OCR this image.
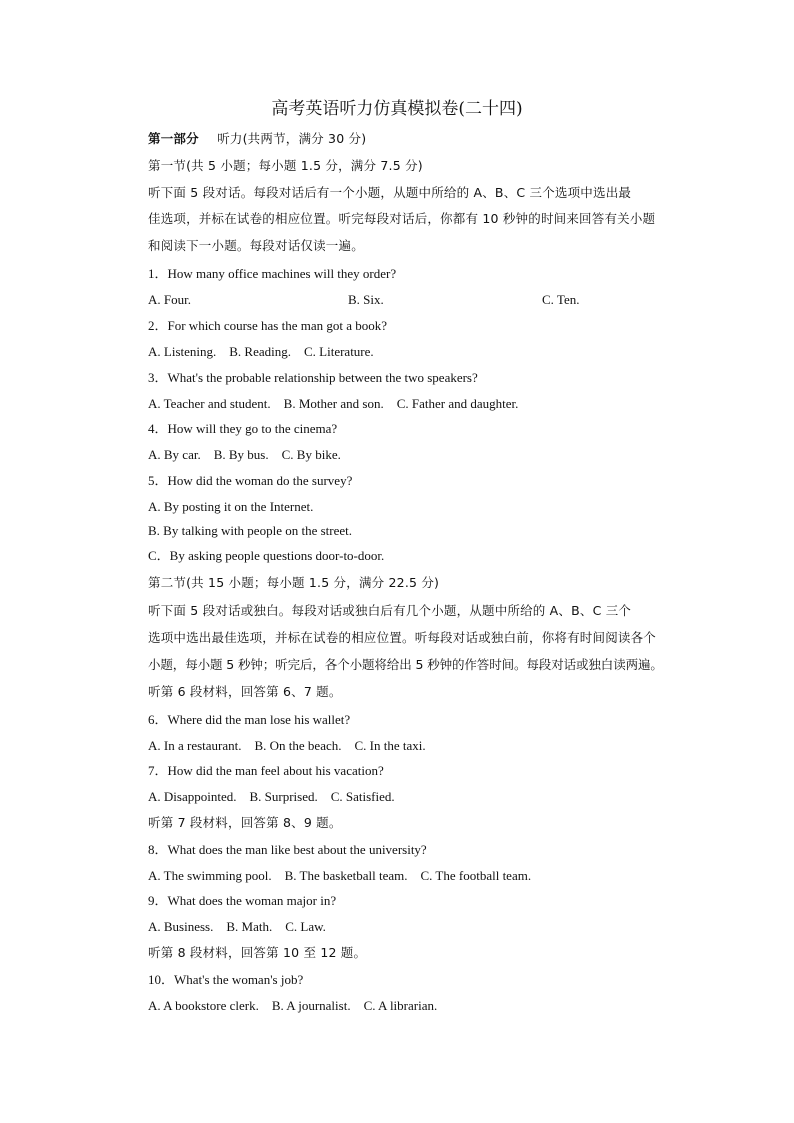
高考英语听力仿真模拟卷(二十四)
第一部分 听力(共两节，满分 30 分)
第一节(共 5 小题；每小题 1.5 分，满分 7.5 分)
听下面 5 段对话。每段对话后有一个小题，从题中所给的 A、B、C 三个选项中选出最
佳选项，并标在试卷的相应位置。听完每段对话后，你都有 10 秒钟的时间来回答有关小题
和阅读下一小题。每段对话仅读一遍。
1．How many office machines will they order?
A. Four.	B. Six.	C. Ten.
2．For which course has the man got a book?
A. Listening.    B. Reading.    C. Literature.
3．What's the probable relationship between the two speakers?
A. Teacher and student.    B. Mother and son.    C. Father and daughter.
4．How will they go to the cinema?
A. By car.    B. By bus.    C. By bike.
5．How did the woman do the survey?
A. By posting it on the Internet.
B. By talking with people on the street.
C．By asking people questions door-to-door.
第二节(共 15 小题；每小题 1.5 分，满分 22.5 分)
听下面 5 段对话或独白。每段对话或独白后有几个小题，从题中所给的 A、B、C 三个
选项中选出最佳选项，并标在试卷的相应位置。听每段对话或独白前，你将有时间阅读各个
小题，每小题 5 秒钟；听完后，各个小题将给出 5 秒钟的作答时间。每段对话或独白读两遍。
听第 6 段材料，回答第 6、7 题。
6．Where did the man lose his wallet?
A. In a restaurant.    B. On the beach.    C. In the taxi.
7．How did the man feel about his vacation?
A. Disappointed.    B. Surprised.    C. Satisfied.
听第 7 段材料，回答第 8、9 题。
8．What does the man like best about the university?
A. The swimming pool.    B. The basketball team.    C. The football team.
9．What does the woman major in?
A. Business.    B. Math.    C. Law.
听第 8 段材料，回答第 10 至 12 题。
10．What's the woman's job?
A. A bookstore clerk.    B. A journalist.    C. A librarian.
